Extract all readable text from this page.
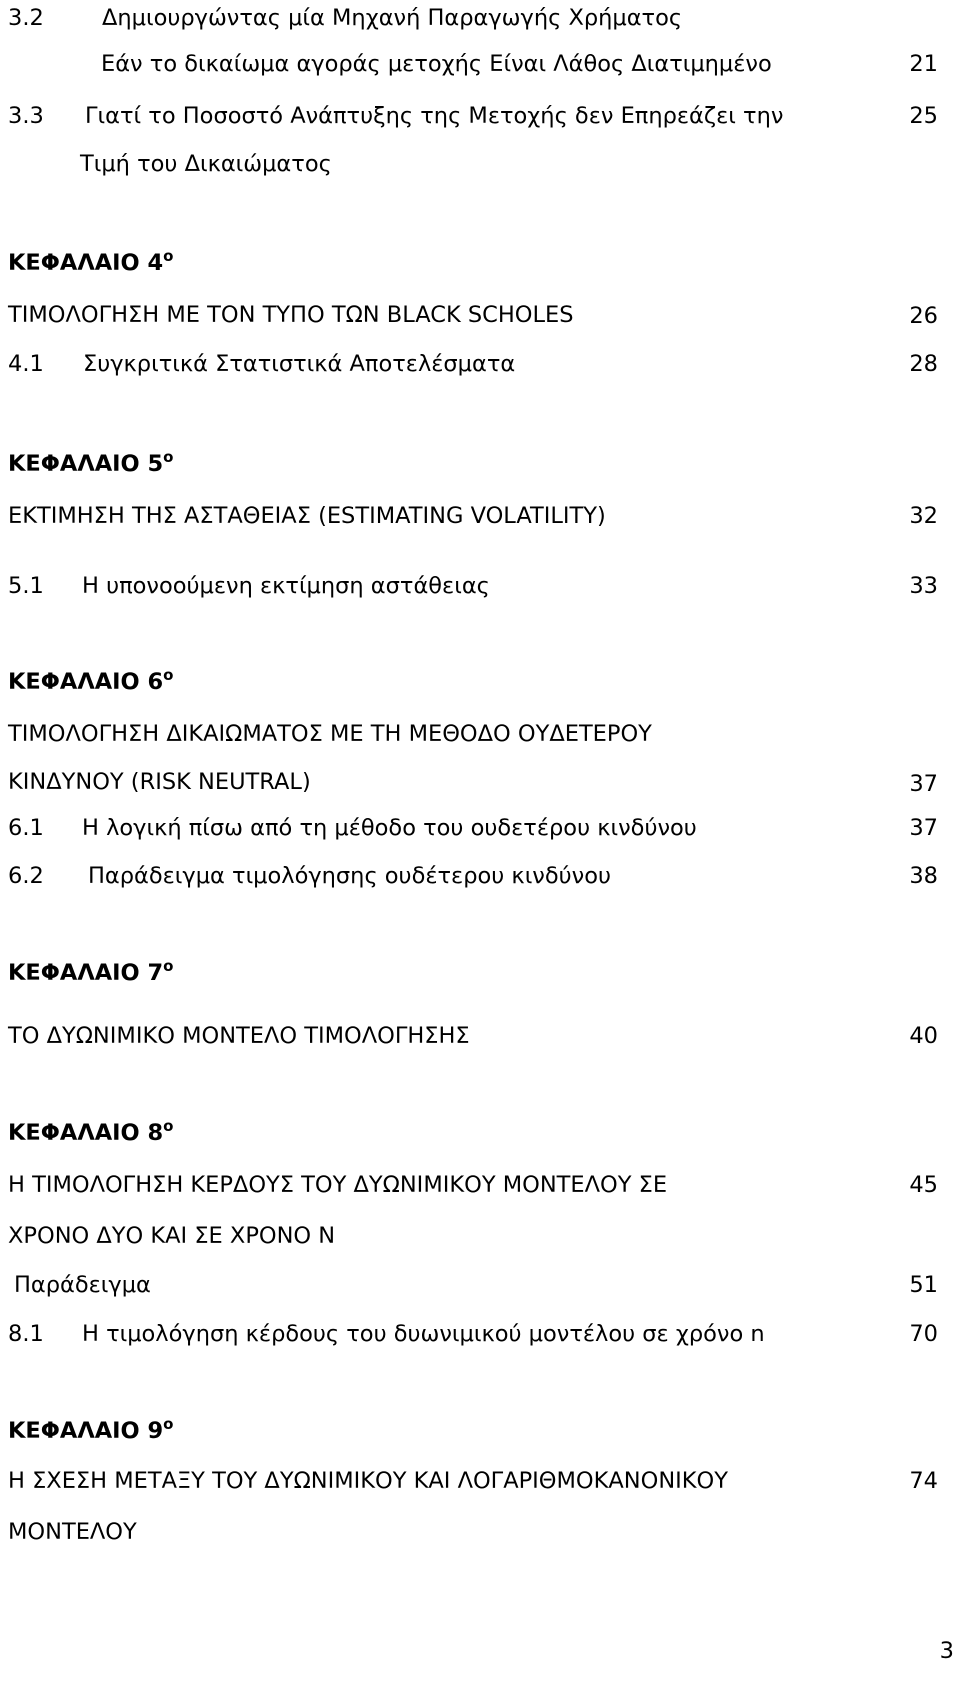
3.2	Δημιουργώντας μία Μηχανή Παραγωγής Χρήματος
Εάν το δικαίωμα αγοράς μετοχής Είναι Λάθος Διατιμημένο	21
3.3 Γιατί το Ποσοστό Ανάπτυξης της Μετοχής δεν Επηρεάζει την	25
Τιμή του Δικαιώματος
ΚΕΦΑΛΑΙΟ $4^o$
ΤΙΜΟΛΟΓΗΣΗ ΜΕ ΤΟΝ ΤΥΠΟ ΤΩΝ BLACK SCHOLES	26
4.1 Συγκριτικά Στατιστικά Αποτελέσματα	28
ΚΕΦΑΛΑΙΟ $5^o$
ΕΚΤΙΜΗΣΗ ΤΗΣ ΑΣΤΑΘΕΙΑΣ (ESTIMATING VOLATILITY)	32
5.1 Η υπονοούμενη εκτίμηση αστάθειας	33
ΚΕΦΑΛΑΙΟ $6^o$
ΤΙΜΟΛΟΓΗΣΗ ΔΙΚΑΙΩΜΑΤΟΣ ΜΕ ΤΗ ΜΕΘΟΔΟ ΟΥΔΕΤΕΡΟΥ
ΚΙΝΔΥΝΟΥ (RISK NEUTRAL)	37
6.1 Η λογική πίσω από τη μέθοδο του ουδετέρου κινδύνου	37
6.2 Παράδειγμα τιμολόγησης ουδέτερου κινδύνου	38
ΚΕΦΑΛΑΙΟ $7^o$
ΤΟ ΔΥΩΝΙΜΙΚΟ ΜΟΝΤΕΛΟ ΤΙΜΟΛΟΓΗΣΗΣ	40
ΚΕΦΑΛΑΙΟ $8^o$
Η ΤΙΜΟΛΟΓΗΣΗ ΚΕΡΔΟΥΣ ΤΟΥ ΔΥΩΝΙΜΙΚΟΥ ΜΟΝΤΕΛΟΥ ΣΕ	45
ΧΡΟΝΟ ΔΥΟ ΚΑΙ ΣΕ ΧΡΟΝΟ Ν
Παράδειγμα	51
8.1 Η τιμολόγηση κέρδους του δυωνιμικού μοντέλου σε χρόνο n	70
ΚΕΦΑΛΑΙΟ $9^o$
Η ΣΧΕΣΗ ΜΕΤΑΞΥ ΤΟΥ ΔΥΩΝΙΜΙΚΟΥ ΚΑΙ ΛΟΓΑΡΙΘΜΟΚΑΝΟΝΙΚΟΥ	74
ΜΟΝΤΕΛΟΥ
3
